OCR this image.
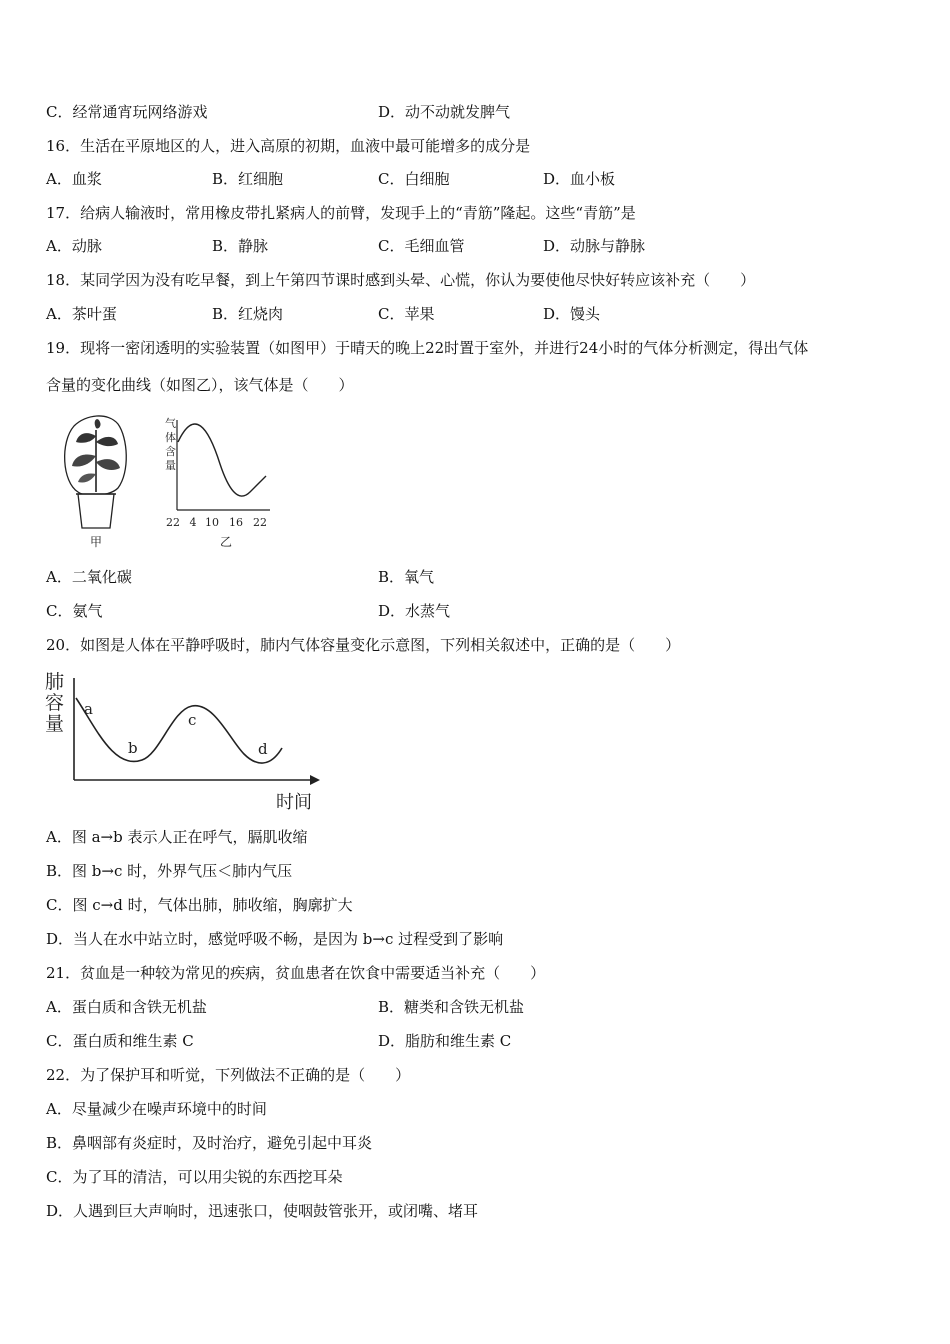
C．经常通宵玩网络游戏	D．动不动就发脾气
16．生活在平原地区的人，进入高原的初期，血液中最可能增多的成分是
A．血浆	B．红细胞	C．白细胞	D．血小板
17．给病人输液时，常用橡皮带扎紧病人的前臂，发现手上的“青筋”隆起。这些“青筋”是
A．动脉	B．静脉	C．毛细血管	D．动脉与静脉
18．某同学因为没有吃早餐，到上午第四节课时感到头晕、心慌，你认为要使他尽快好转应该补充（　　）
A．茶叶蛋	B．红烧肉	C．苹果	D．馒头
19．现将一密闭透明的实验装置（如图甲）于晴天的晚上22时置于室外，并进行24小时的气体分析测定，得出气体
含量的变化曲线（如图乙），该气体是（　　）
甲
气
体
含
量
22 4 10 16 22
乙
A．二氧化碳	B．氧气
C．氨气	D．水蒸气
20．如图是人体在平静呼吸时，肺内气体容量变化示意图，下列相关叙述中，正确的是（　　）
肺
容
量
a
b
c
d
时间
A．图 a→b 表示人正在呼气，膈肌收缩
B．图 b→c 时，外界气压＜肺内气压
C．图 c→d 时，气体出肺，肺收缩，胸廓扩大
D．当人在水中站立时，感觉呼吸不畅，是因为 b→c 过程受到了影响
21．贫血是一种较为常见的疾病，贫血患者在饮食中需要适当补充（　　）
A．蛋白质和含铁无机盐	B．糖类和含铁无机盐
C．蛋白质和维生素 C	D．脂肪和维生素 C
22．为了保护耳和听觉，下列做法不正确的是（　　）
A．尽量减少在噪声环境中的时间
B．鼻咽部有炎症时，及时治疗，避免引起中耳炎
C．为了耳的清洁，可以用尖锐的东西挖耳朵
D．人遇到巨大声响时，迅速张口，使咽鼓管张开，或闭嘴、堵耳
